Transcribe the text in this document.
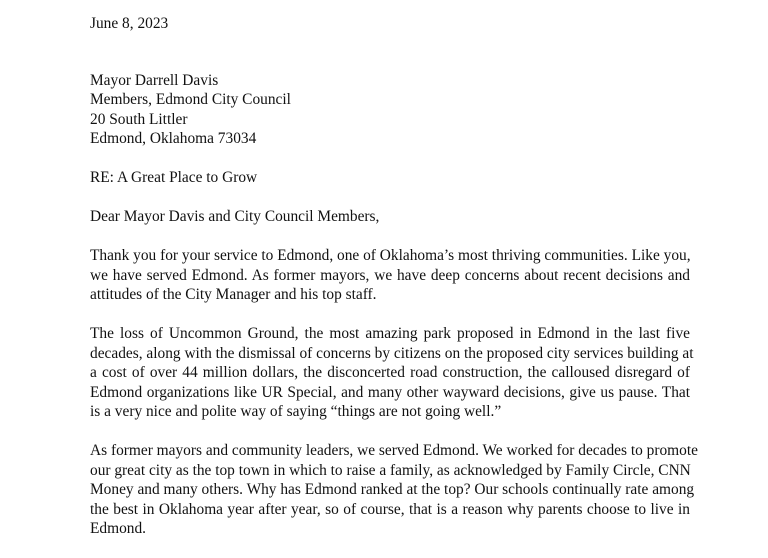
June 8, 2023
Mayor Darrell Davis
Members, Edmond City Council
20 South Littler
Edmond, Oklahoma 73034
RE: A Great Place to Grow
Dear Mayor Davis and City Council Members,
Thank you for your service to Edmond, one of Oklahoma’s most thriving communities. Like you,
we have served Edmond. As former mayors, we have deep concerns about recent decisions and
attitudes of the City Manager and his top staff.
The loss of Uncommon Ground, the most amazing park proposed in Edmond in the last five
decades, along with the dismissal of concerns by citizens on the proposed city services building at
a cost of over 44 million dollars, the disconcerted road construction, the calloused disregard of
Edmond organizations like UR Special, and many other wayward decisions, give us pause. That
is a very nice and polite way of saying “things are not going well.”
As former mayors and community leaders, we served Edmond. We worked for decades to promote
our great city as the top town in which to raise a family, as acknowledged by Family Circle, CNN
Money and many others. Why has Edmond ranked at the top? Our schools continually rate among
the best in Oklahoma year after year, so of course, that is a reason why parents choose to live in
Edmond.
